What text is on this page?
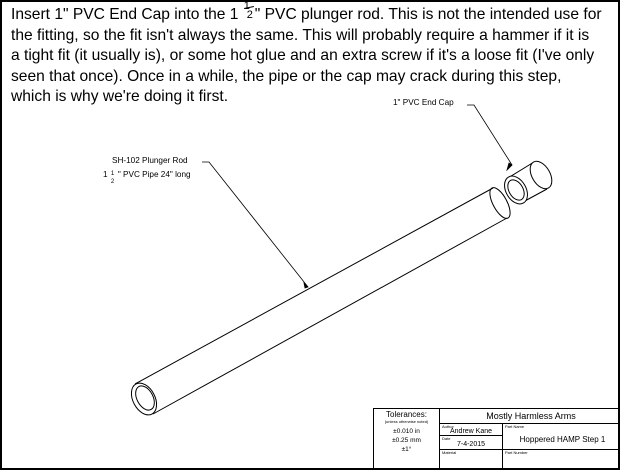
Insert 1" PVC End Cap into the 1 1
2 " PVC plunger rod. This is not the intended use for
the fitting, so the fit isn't always the same. This will probably require a hammer if it is
a tight fit (it usually is), or some hot glue and an extra screw if it's a loose fit (I've only
seen that once). Once in a while, the pipe or the cap may crack during this step,
which is why we're doing it first.	1" PVC End Cap
SH-102 Plunger Rod
1 1
2
" PVC Pipe 24" long
Tolerances:
(unless otherwise noted)
±0.010 in
±0.25 mm
±1°
Mostly Harmless Arms
Author
Andrew Kane
Date
7-4-2015
Material
Part Name
Hoppered HAMP Step 1
Part Number
